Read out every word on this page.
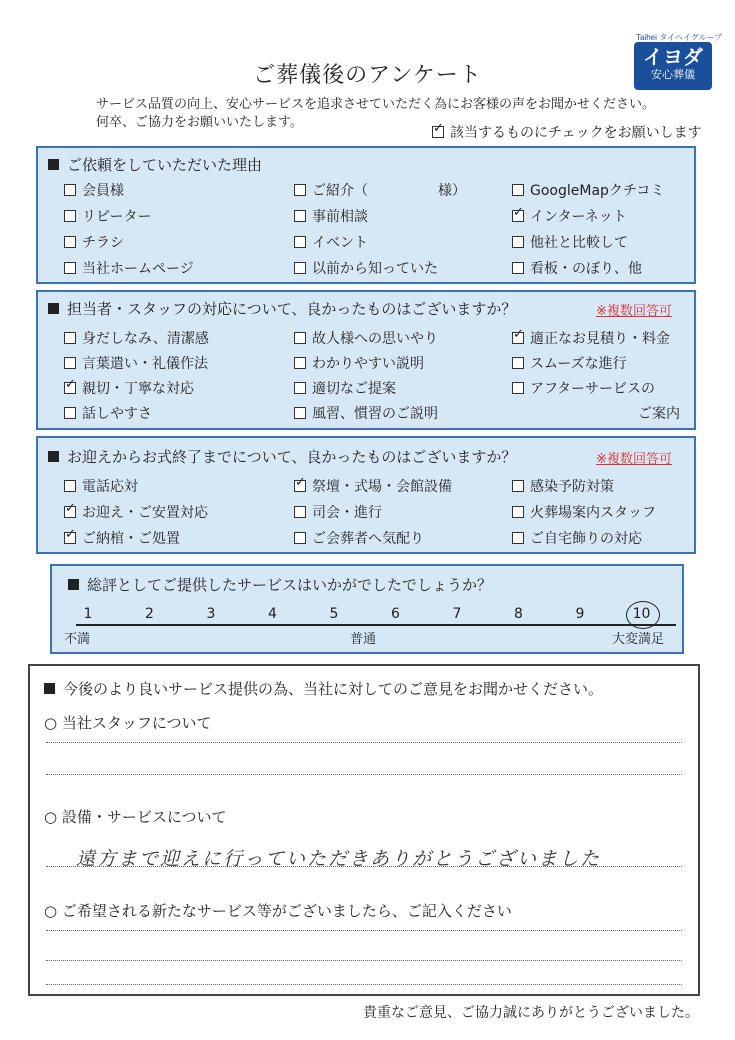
ご葬儀後のアンケート
サービス品質の向上、安心サービスを追求させていただく為にお客様の声をお聞かせください。
何卒、ご協力をお願いいたします。
✓該当するものにチェックをお願いします
Taihei タイヘイグループ
イヨダ
安心葬儀
ご依頼をしていただいた理由
会員様	ご紹介（　　　　　様）	GoogleMapクチコミ
リピーター	事前相談 ✓	インターネット
チラシ	イベント	他社と比較して
当社ホームページ	以前から知っていた	看板・のぼり、他
担当者・スタッフの対応について、良かったものはございますか？	※複数回答可
身だしなみ、清潔感	故人様への思いやり ✓	適正なお見積り・料金
言葉遣い・礼儀作法	わかりやすい説明	スムーズな進行
✓親切・丁寧な対応	適切なご提案	アフターサービスの
話しやすさ	風習、慣習のご説明	ご案内
お迎えからお式終了までについて、良かったものはございますか？	※複数回答可
電話応対 ✓	祭壇・式場・会館設備	感染予防対策
✓お迎え・ご安置対応	司会・進行	火葬場案内スタッフ
✓ご納棺・ご処置	ご会葬者へ気配り	ご自宅飾りの対応
総評としてご提供したサービスはいかがでしたでしょうか？
不満	普通	大変満足
1	2	3	4	5	6	7	8	9	10
今後のより良いサービス提供の為、当社に対してのご意見をお聞かせください。
○ 当社スタッフについて
○ 設備・サービスについて
遠方まで迎えに行っていただきありがとうございました
○ ご希望される新たなサービス等がございましたら、ご記入ください
貴重なご意見、ご協力誠にありがとうございました。
